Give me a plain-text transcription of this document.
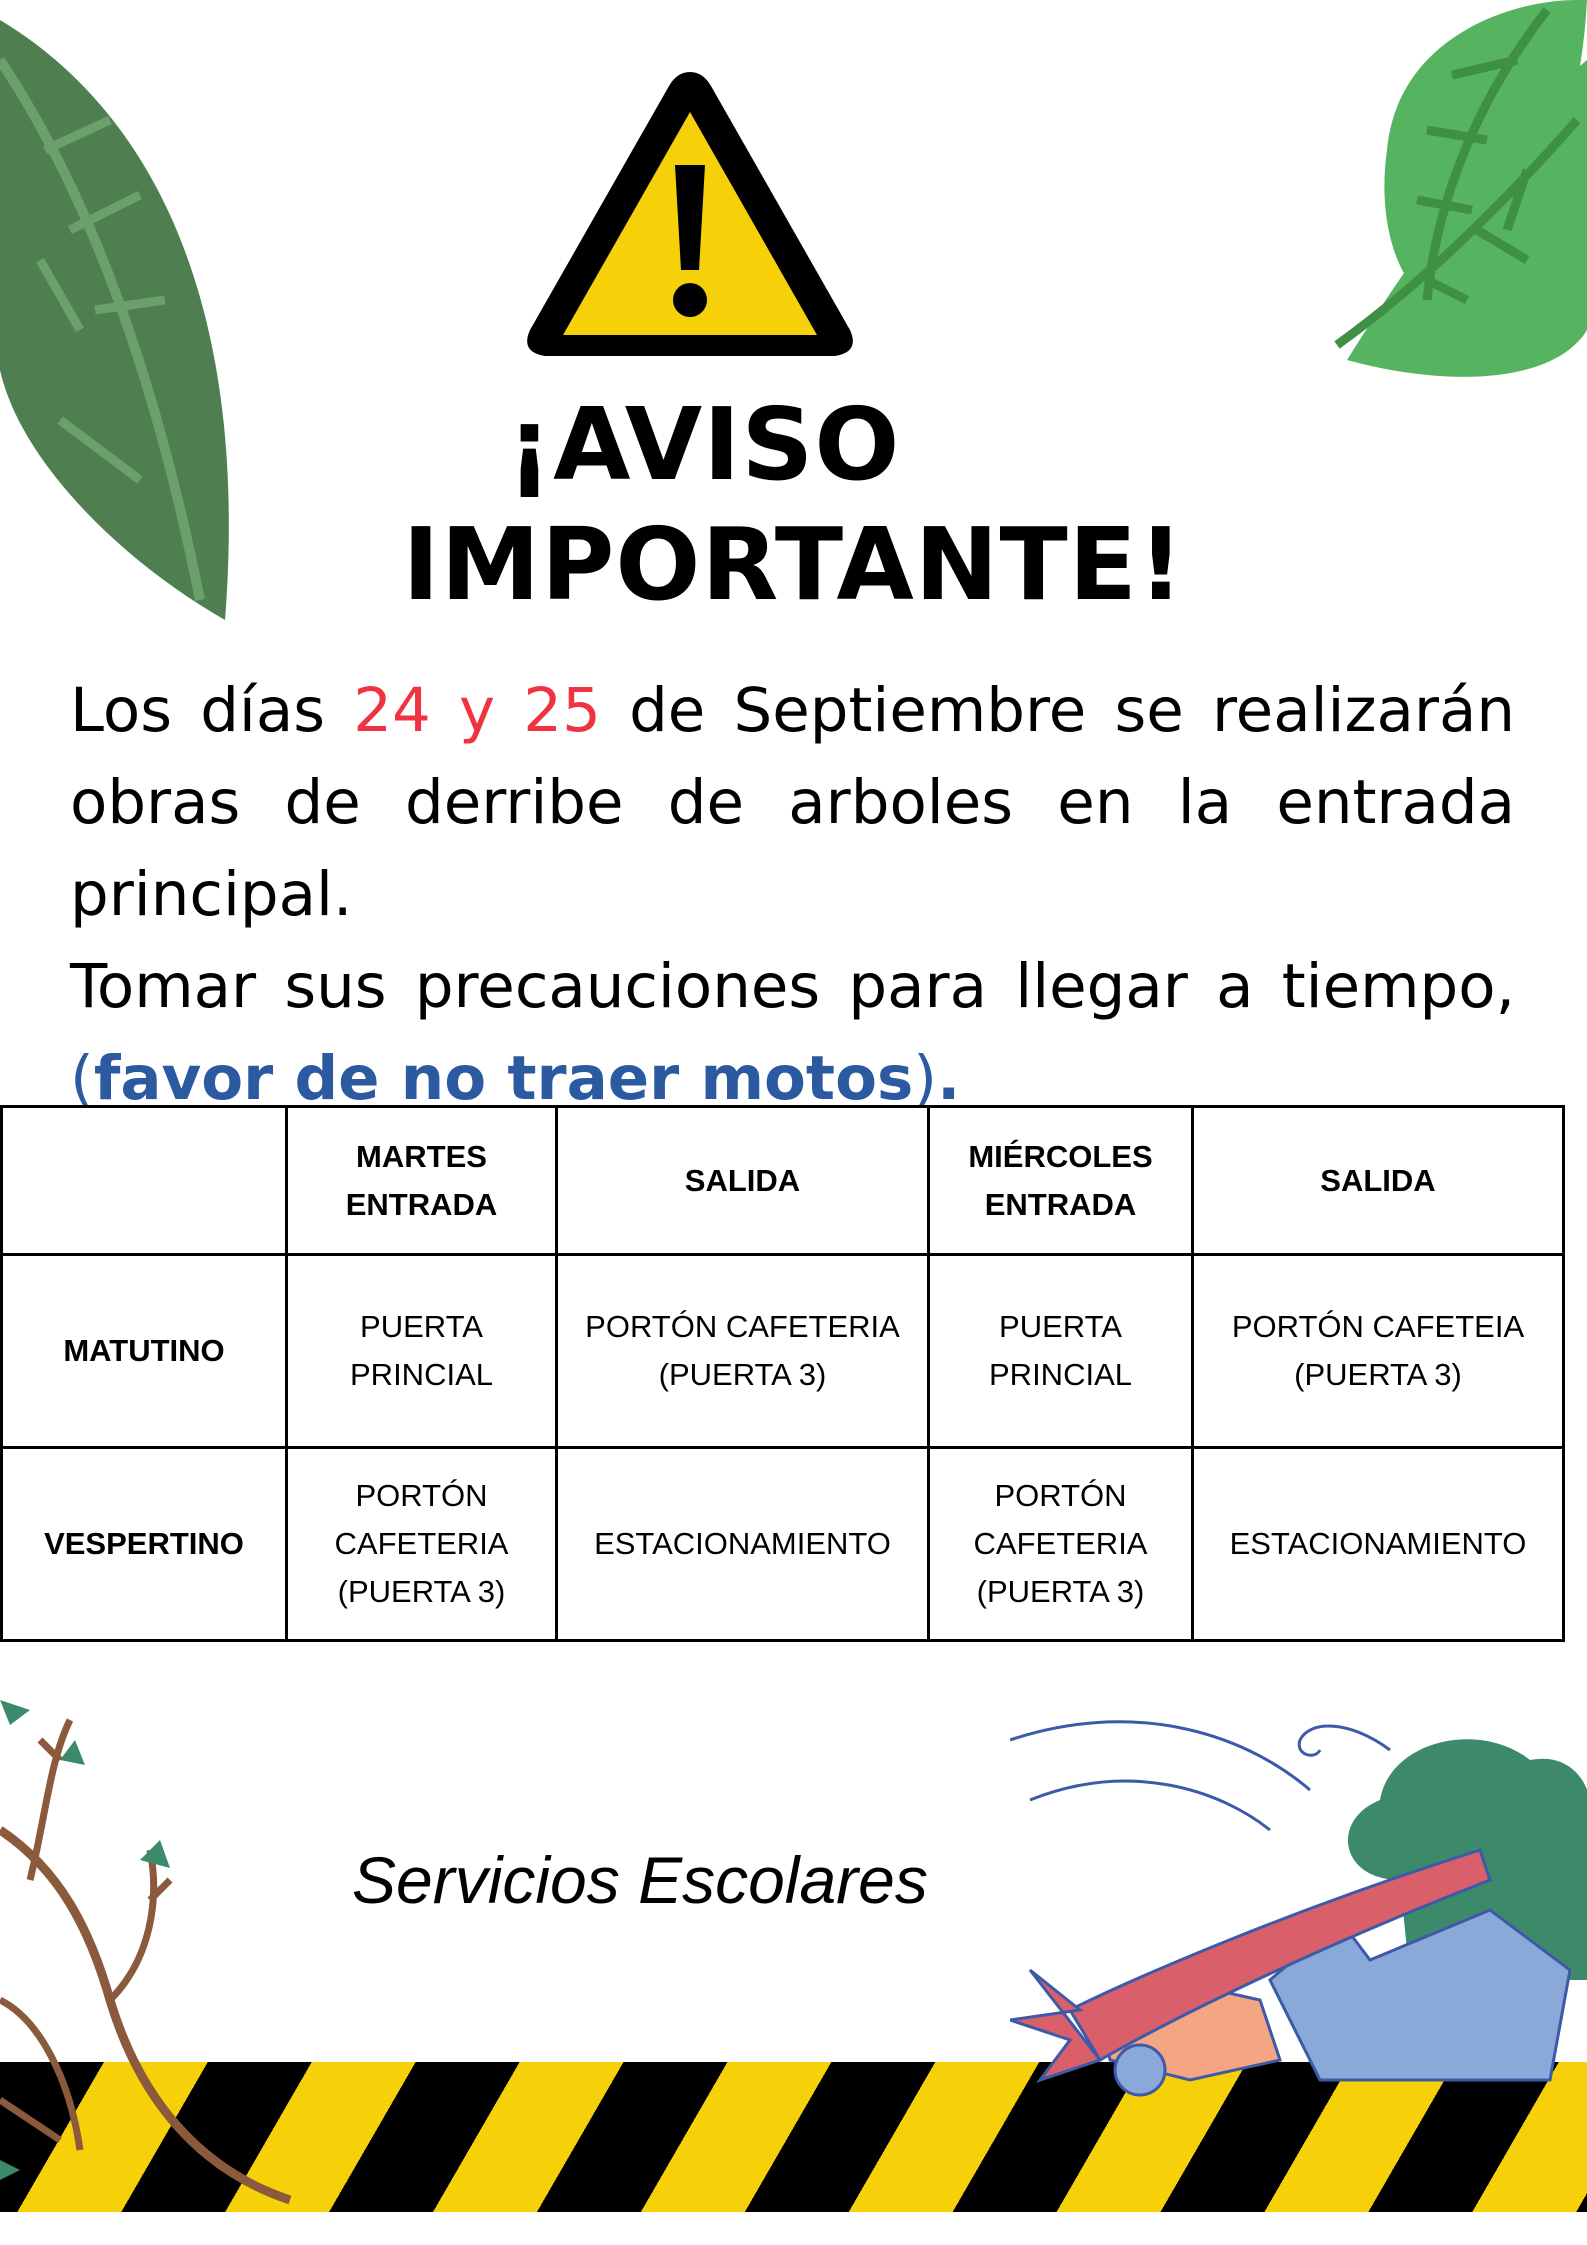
¡AVISO
IMPORTANTE!

Los días 24 y 25 de Septiembre se realizarán obras de derribe de arboles en la entrada principal.

Tomar sus precauciones para llegar a tiempo, (favor de no traer motos).

	MARTES ENTRADA	SALIDA	MIÉRCOLES ENTRADA	SALIDA
MATUTINO	PUERTA PRINCIAL	PORTÓN CAFETERIA (PUERTA 3)	PUERTA PRINCIAL	PORTÓN CAFETEIA (PUERTA 3)
VESPERTINO	PORTÓN CAFETERIA (PUERTA 3)	ESTACIONAMIENTO	PORTÓN CAFETERIA (PUERTA 3)	ESTACIONAMIENTO
Servicios Escolares
